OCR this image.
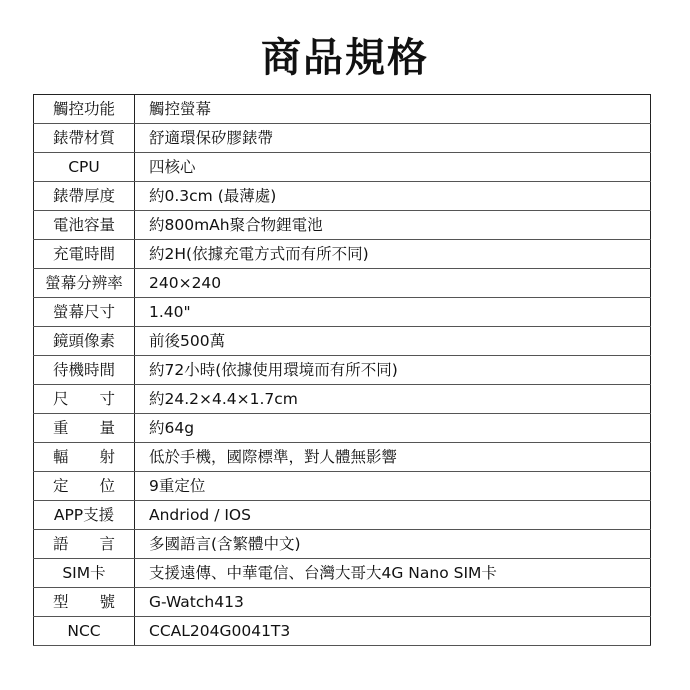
商品規格
觸控功能	觸控螢幕
錶帶材質	舒適環保矽膠錶帶
CPU	四核心
錶帶厚度	約0.3cm (最薄處)
電池容量	約800mAh聚合物鋰電池
充電時間	約2H(依據充電方式而有所不同)
螢幕分辨率	240×240
螢幕尺寸	1.40"
鏡頭像素	前後500萬
待機時間	約72小時(依據使用環境而有所不同)
尺　　寸	約24.2×4.4×1.7cm
重　　量	約64g
輻　　射	低於手機，國際標準，對人體無影響
定　　位	9重定位
APP支援	Andriod / IOS
語　　言	多國語言(含繁體中文)
SIM卡	支援遠傳、中華電信、台灣大哥大4G Nano SIM卡
型　　號	G-Watch413
NCC	CCAL204G0041T3
